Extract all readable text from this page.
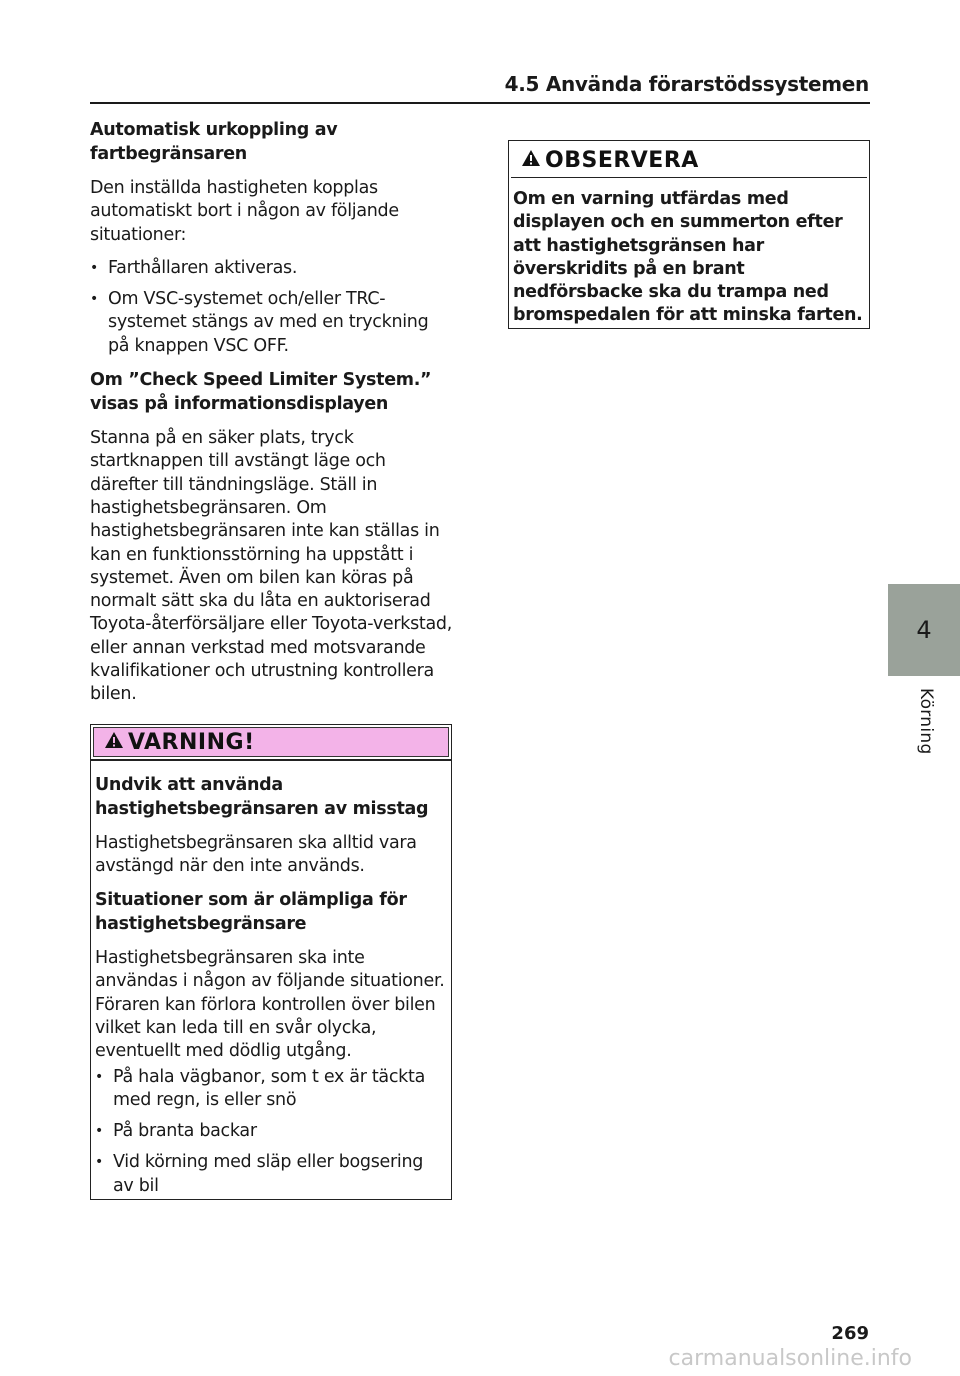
4.5 Använda förarstödssystemen
Automatisk urkoppling av fartbegränsaren
Den inställda hastigheten kopplas automatiskt bort i någon av följande situationer:
• Farthållaren aktiveras.
• Om VSC-systemet och/eller TRC-systemet stängs av med en tryckning på knappen VSC OFF.
Om ”Check Speed Limiter System.” visas på informationsdisplayen
Stanna på en säker plats, tryck startknappen till avstängt läge och därefter till tändningsläge. Ställ in hastighetsbegränsaren. Om hastighetsbegränsaren inte kan ställas in kan en funktionsstörning ha uppstått i systemet. Även om bilen kan köras på normalt sätt ska du låta en auktoriserad Toyota-återförsäljare eller Toyota-verkstad, eller annan verkstad med motsvarande kvalifikationer och utrustning kontrollera bilen.
VARNING!
Undvik att använda hastighetsbegränsaren av misstag
Hastighetsbegränsaren ska alltid vara avstängd när den inte används.
Situationer som är olämpliga för hastighetsbegränsare
Hastighetsbegränsaren ska inte användas i någon av följande situationer. Föraren kan förlora kontrollen över bilen vilket kan leda till en svår olycka, eventuellt med dödlig utgång.
• På hala vägbanor, som t ex är täckta med regn, is eller snö
• På branta backar
• Vid körning med släp eller bogsering av bil
OBSERVERA
Om en varning utfärdas med displayen och en summerton efter att hastighetsgränsen har överskridits på en brant nedförsbacke ska du trampa ned bromspedalen för att minska farten.
4
Körning
269
carmanualsonline.info
